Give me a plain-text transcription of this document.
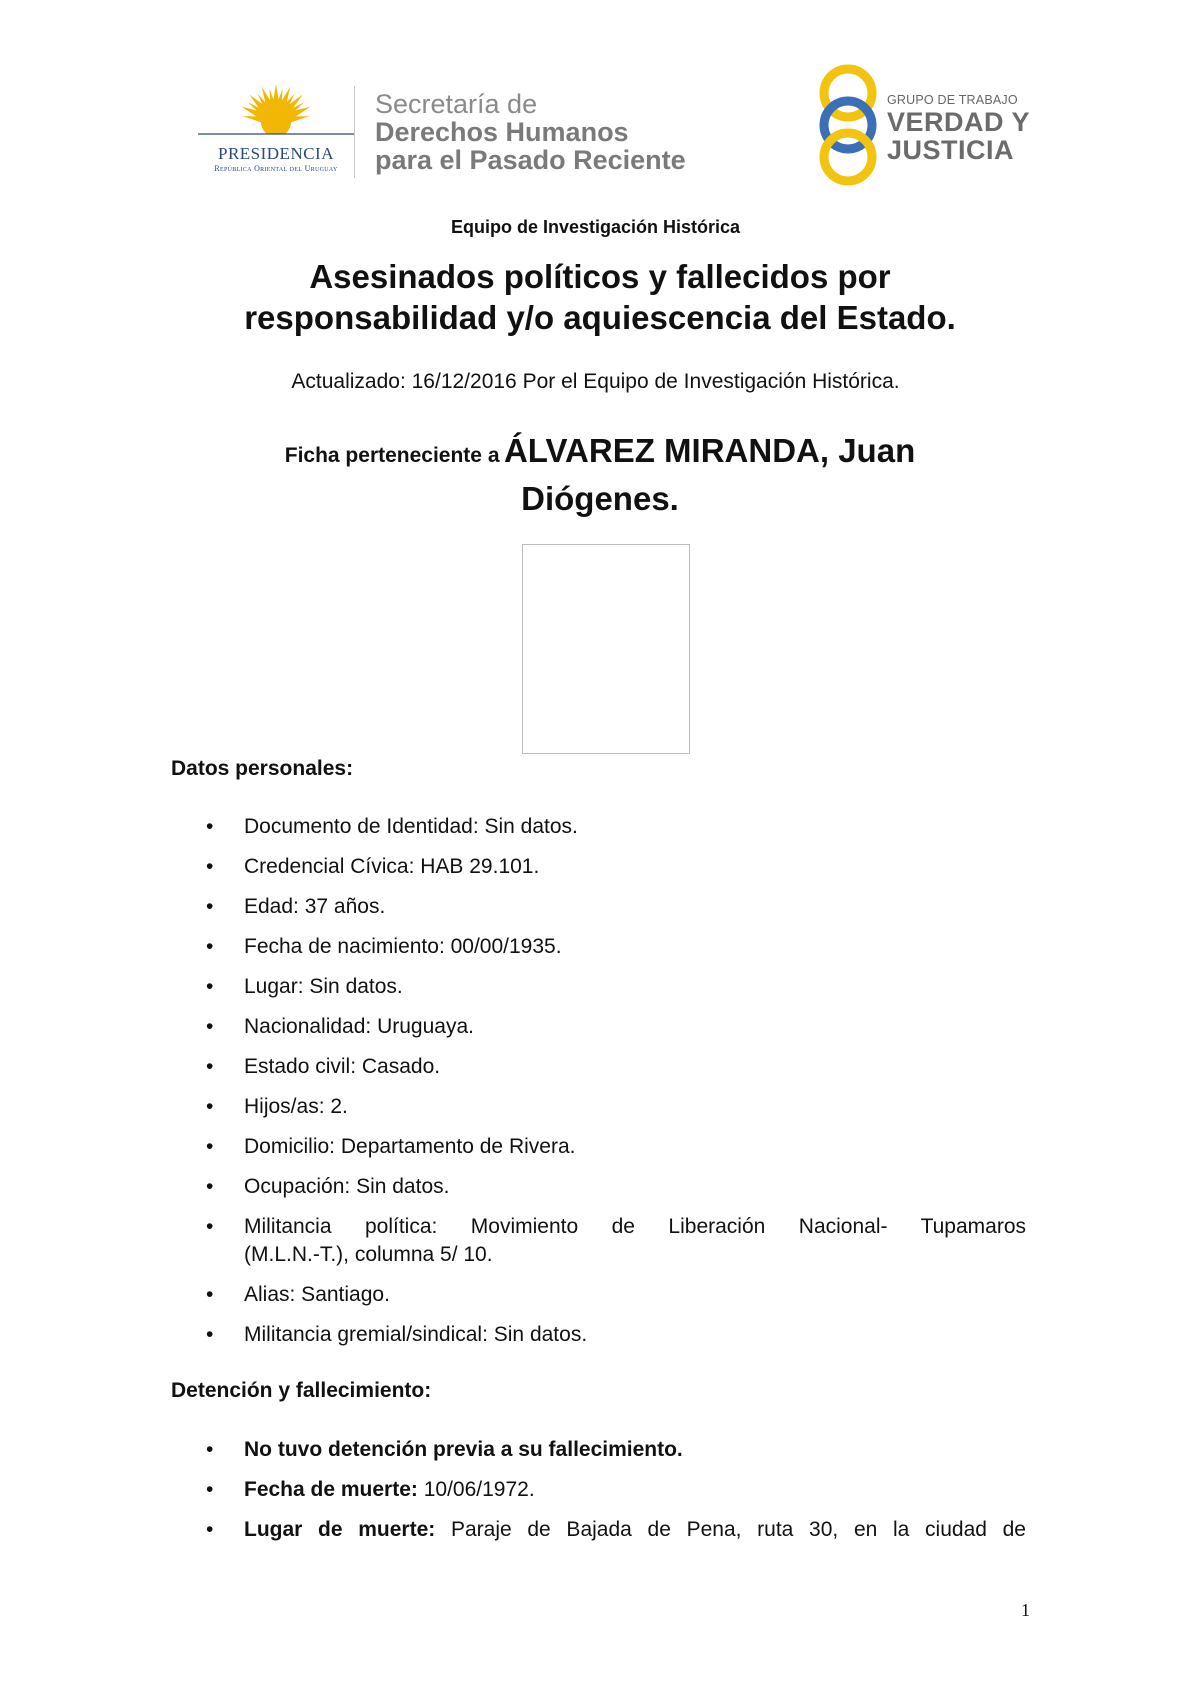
PRESIDENCIA
República Oriental del Uruguay
Secretaría de
Derechos Humanos
para el Pasado Reciente
GRUPO DE TRABAJO
VERDAD Y
JUSTICIA
Equipo de Investigación Histórica
Asesinados políticos y fallecidos por
responsabilidad y/o aquiescencia del Estado.
Actualizado: 16/12/2016 Por el Equipo de Investigación Histórica.
Ficha perteneciente a ÁLVAREZ MIRANDA, Juan
Diógenes.
Datos personales:
• Documento de Identidad: Sin datos.
• Credencial Cívica: HAB 29.101.
• Edad: 37 años.
• Fecha de nacimiento: 00/00/1935.
• Lugar: Sin datos.
• Nacionalidad: Uruguaya.
• Estado civil: Casado.
• Hijos/as: 2.
• Domicilio: Departamento de Rivera.
• Ocupación: Sin datos.
• Militancia política: Movimiento de Liberación Nacional- Tupamaros
(M.L.N.-T.), columna 5/ 10.
• Alias: Santiago.
• Militancia gremial/sindical: Sin datos.
Detención y fallecimiento:
• No tuvo detención previa a su fallecimiento.
• Fecha de muerte: 10/06/1972.
• Lugar de muerte: Paraje de Bajada de Pena, ruta 30, en la ciudad de
1
